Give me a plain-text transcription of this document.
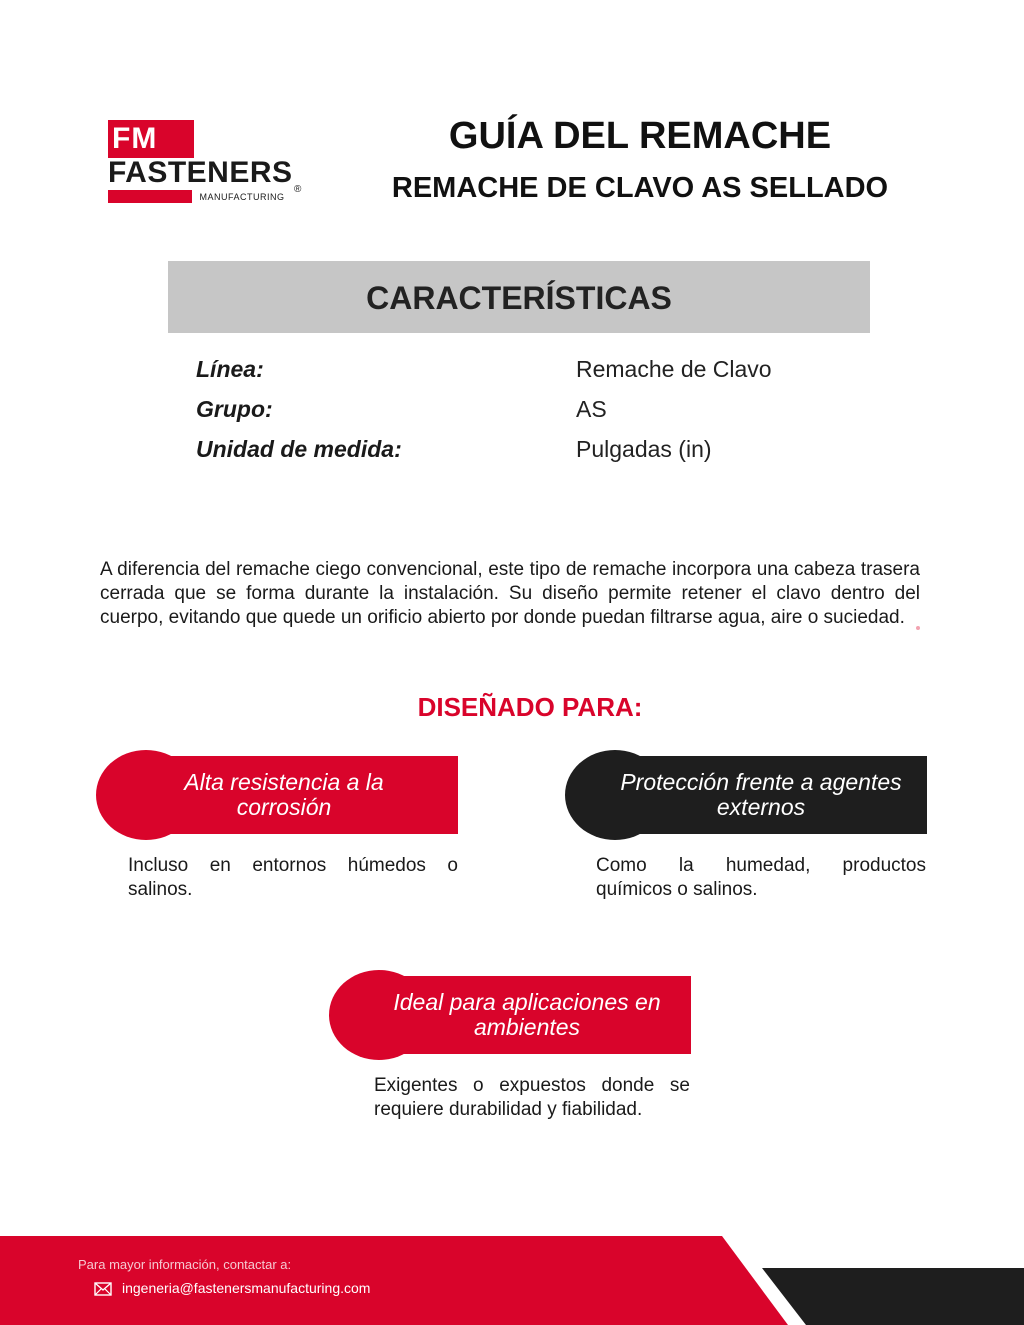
FM
FASTENERS
MANUFACTURING
®
GUÍA DEL REMACHE
REMACHE DE CLAVO AS SELLADO
CARACTERÍSTICAS
Línea:	Remache de Clavo
Grupo:	AS
Unidad de medida:	Pulgadas (in)

A diferencia del remache ciego convencional, este tipo de remache incorpora una cabeza trasera cerrada que se forma durante la instalación. Su diseño permite retener el clavo dentro del cuerpo, evitando que quede un orificio abierto por donde puedan filtrarse agua, aire o suciedad.

DISEÑADO PARA:
Alta resistencia a la corrosión

Incluso en entornos húmedos o salinos.

Protección frente a agentes externos

Como la humedad, productos químicos o salinos.

Ideal para aplicaciones en ambientes

Exigentes o expuestos donde se requiere durabilidad y fiabilidad.

Para mayor información, contactar a:
ingeneria@fastenersmanufacturing.com
